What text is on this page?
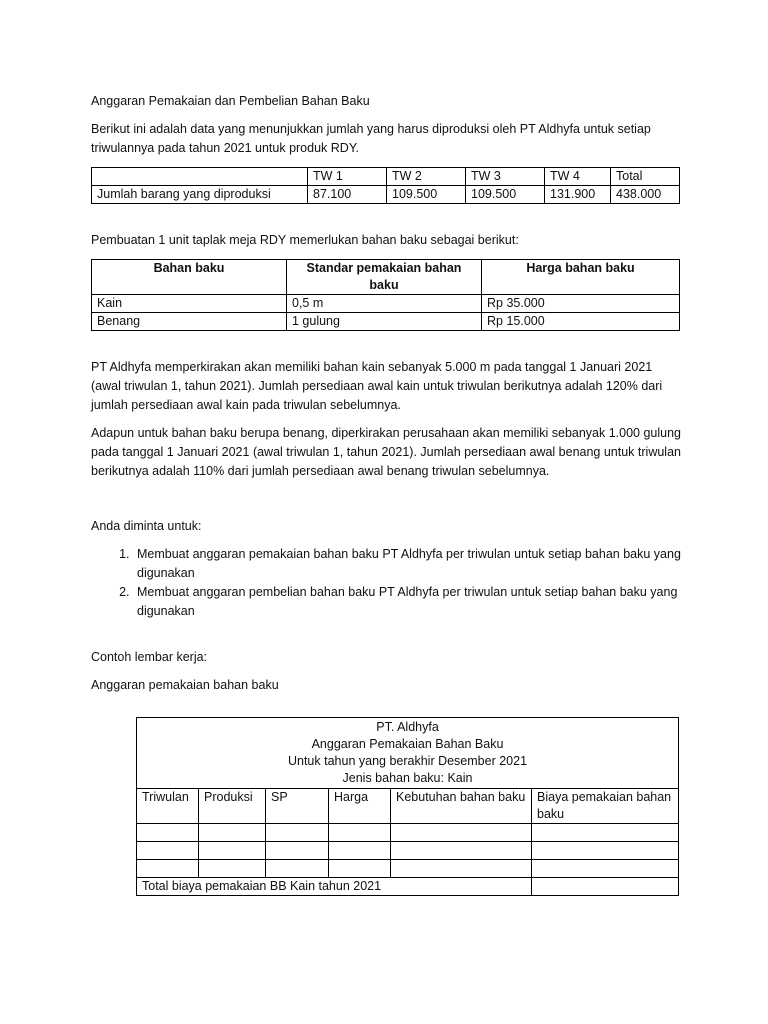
Anggaran Pemakaian dan Pembelian Bahan Baku

Berikut ini adalah data yang menunjukkan jumlah yang harus diproduksi oleh PT Aldhyfa untuk setiap triwulannya pada tahun 2021 untuk produk RDY.

	TW 1	TW 2	TW 3	TW 4	Total
Jumlah barang yang diproduksi	87.100	109.500	109.500	131.900	438.000

Pembuatan 1 unit taplak meja RDY memerlukan bahan baku sebagai berikut:

Bahan baku	Standar pemakaian bahan baku	Harga bahan baku
Kain	0,5 m	Rp 35.000
Benang	1 gulung	Rp 15.000

PT Aldhyfa memperkirakan akan memiliki bahan kain sebanyak 5.000 m pada tanggal 1 Januari 2021 (awal triwulan 1, tahun 2021). Jumlah persediaan awal kain untuk triwulan berikutnya adalah 120% dari jumlah persediaan awal kain pada triwulan sebelumnya.

Adapun untuk bahan baku berupa benang, diperkirakan perusahaan akan memiliki sebanyak 1.000 gulung pada tanggal 1 Januari 2021 (awal triwulan 1, tahun 2021). Jumlah persediaan awal benang untuk triwulan berikutnya adalah 110% dari jumlah persediaan awal benang triwulan sebelumnya.

Anda diminta untuk:

1. Membuat anggaran pemakaian bahan baku PT Aldhyfa per triwulan untuk setiap bahan baku yang digunakan
2. Membuat anggaran pembelian bahan baku PT Aldhyfa per triwulan untuk setiap bahan baku yang digunakan

Contoh lembar kerja:

Anggaran pemakaian bahan baku

PT. Aldhyfa
Anggaran Pemakaian Bahan Baku
Untuk tahun yang berakhir Desember 2021
Jenis bahan baku: Kain					

Triwulan	Produksi	SP	Harga	Kebutuhan bahan baku	Biaya pemakaian bahan baku

Total biaya pemakaian BB Kain tahun 2021					
